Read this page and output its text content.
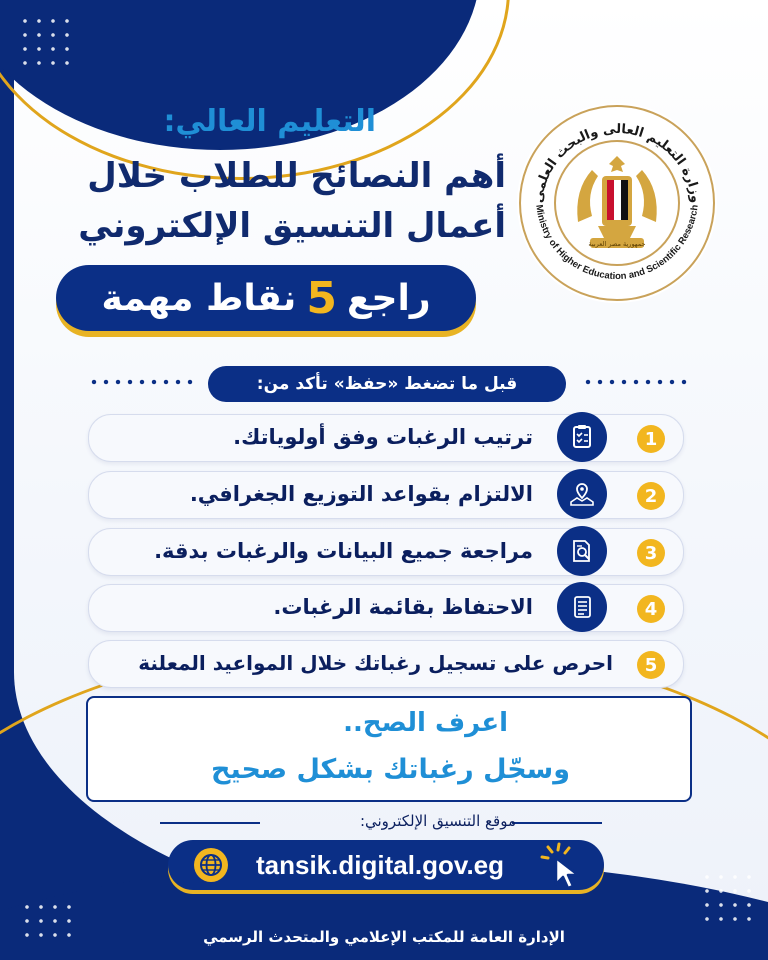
وزارة التعليم العالى والبحث العلمى
Ministry of Higher Education and Scientific Research
جمهورية مصر العربية
التعليم العالي:
أهم النصائح للطلاب خلال
أعمال التنسيق الإلكتروني
راجع
5
نقاط مهمة
قبل ما تضغط «حفظ» تأكد من:
ترتيب الرغبات وفق أولوياتك.	1
الالتزام بقواعد التوزيع الجغرافي.	2
مراجعة جميع البيانات والرغبات بدقة.	3
الاحتفاظ بقائمة الرغبات.	4
احرص على تسجيل رغباتك خلال المواعيد المعلنة	5
اعرف الصح..
وسجّل رغباتك بشكل صحيح
موقع التنسيق الإلكتروني:
tansik.digital.gov.eg
الإدارة العامة للمكتب الإعلامي والمتحدث الرسمي
